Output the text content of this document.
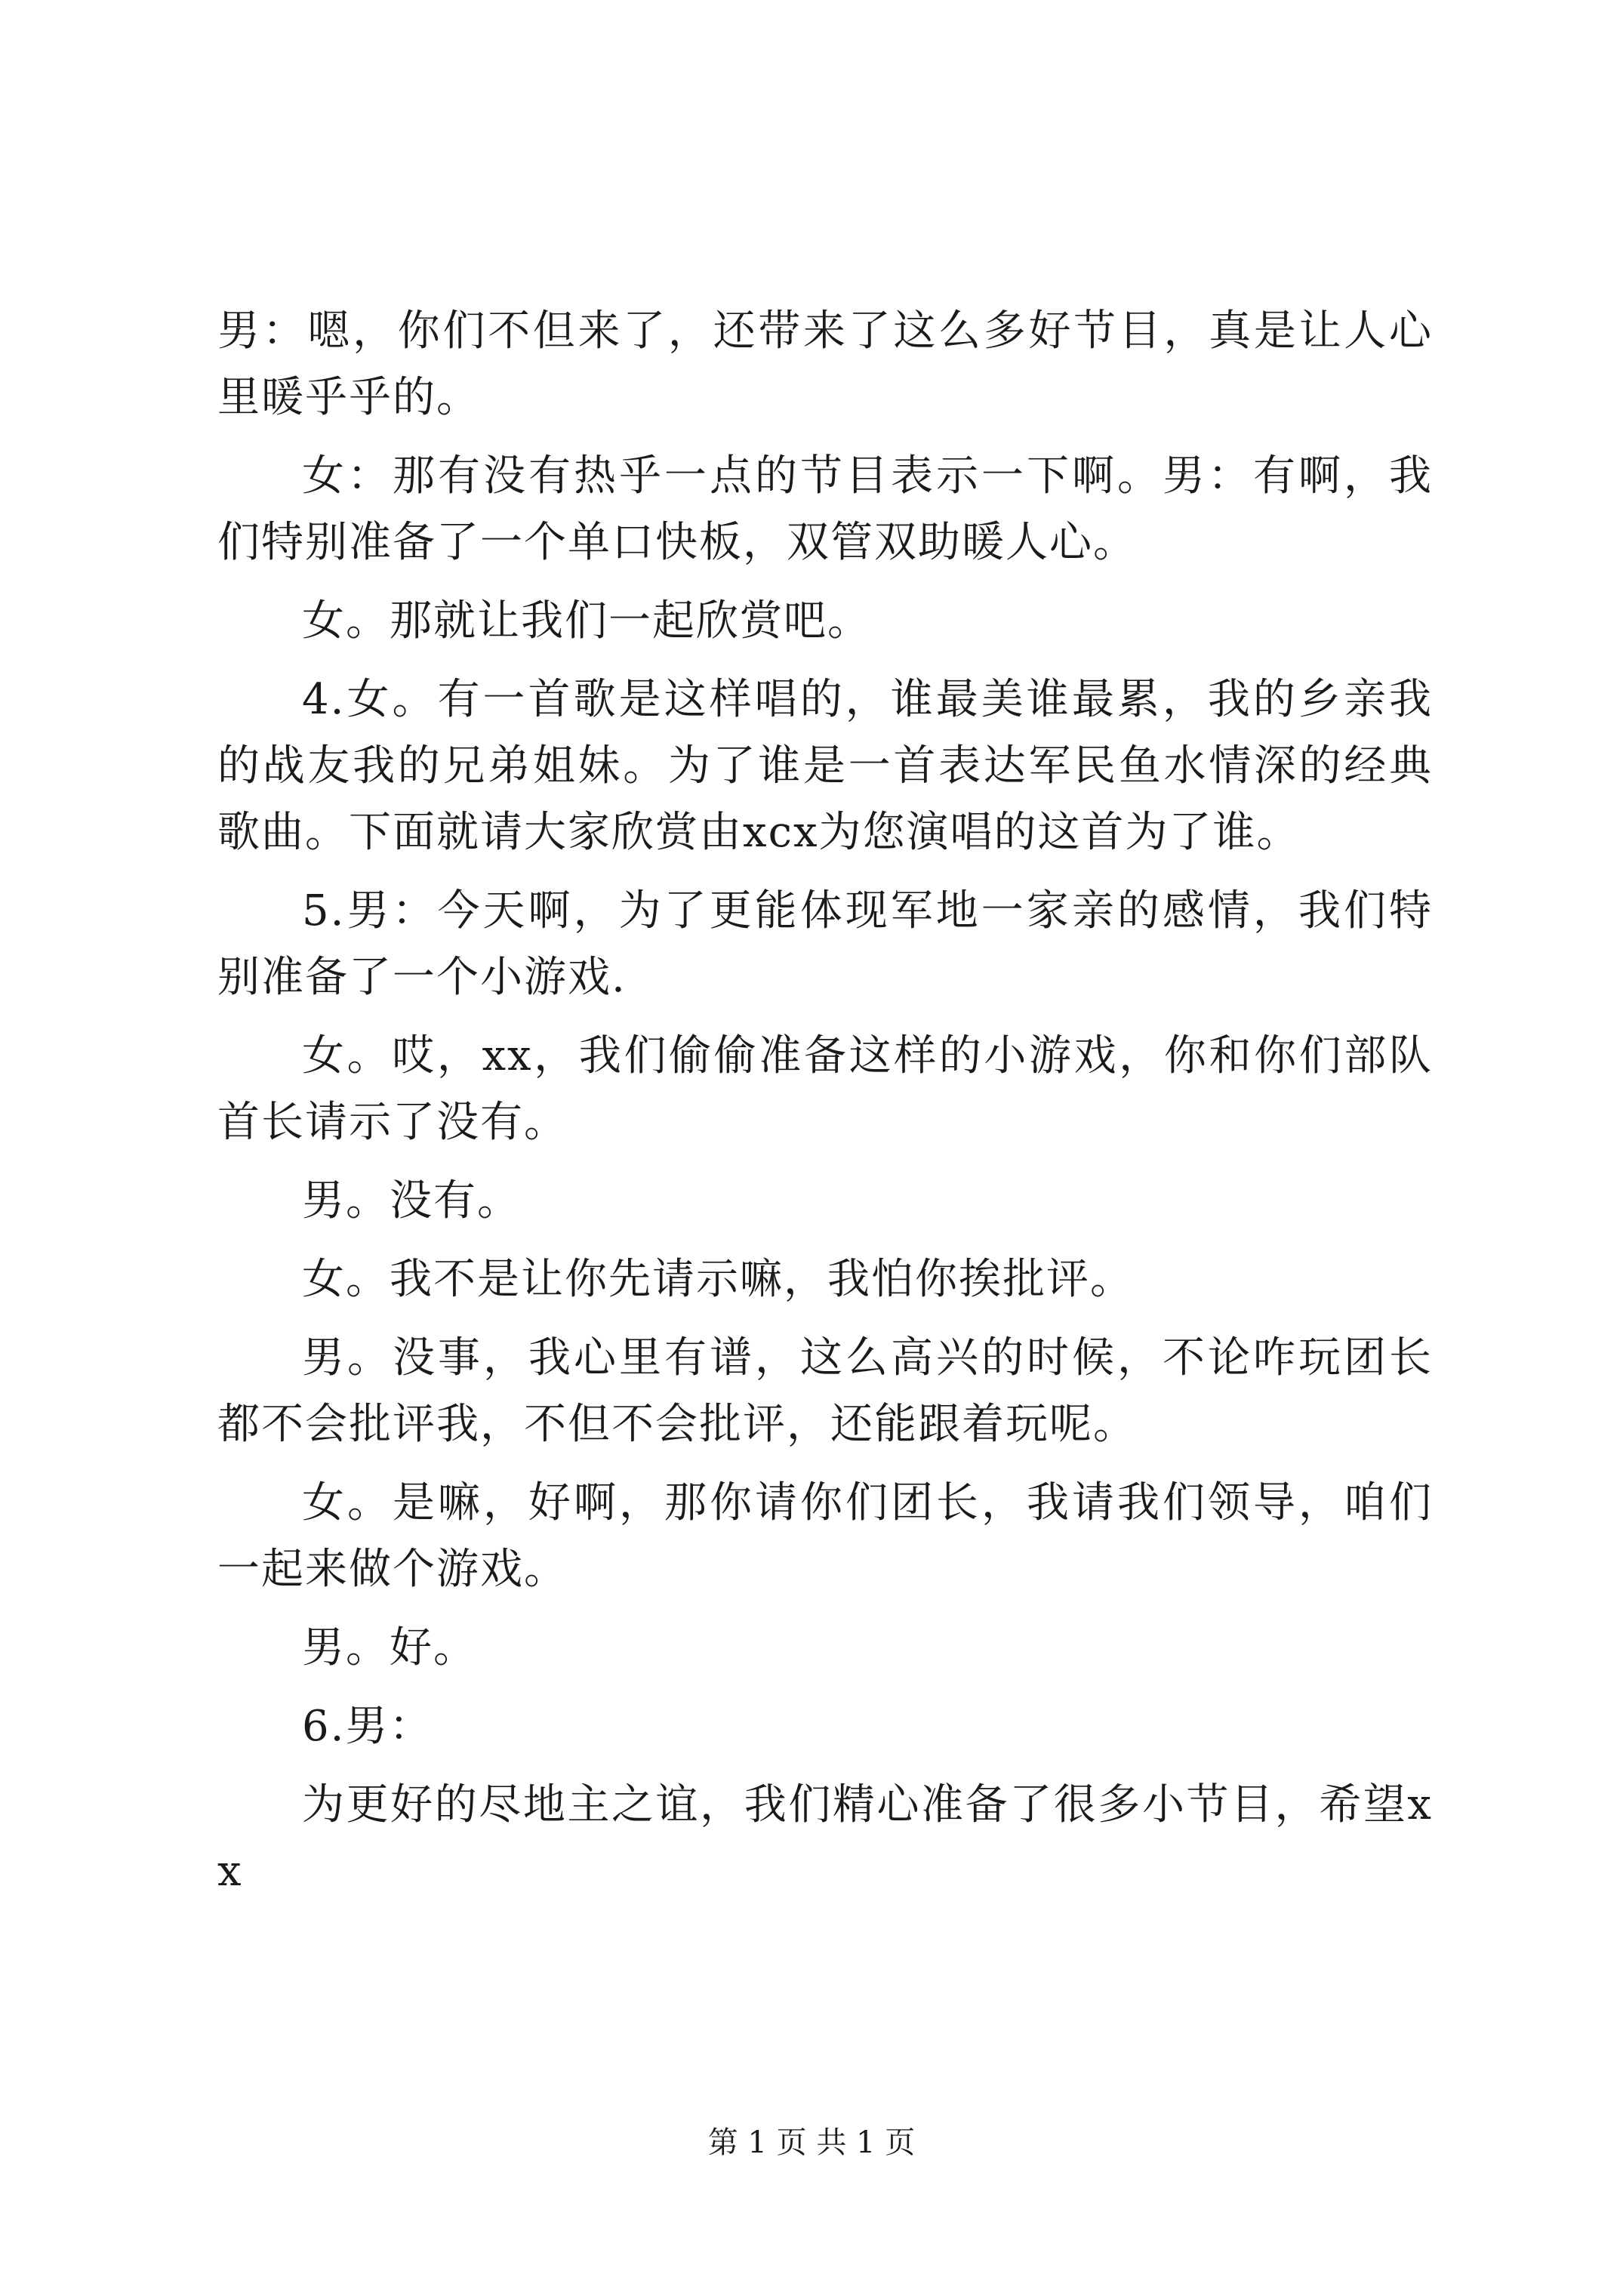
男：嗯，你们不但来了，还带来了这么多好节目，真是让人心里暖乎乎的。

女：那有没有热乎一点的节目表示一下啊。男：有啊，我们特别准备了一个单口快板，双管双助暖人心。

女。那就让我们一起欣赏吧。

4.女。有一首歌是这样唱的，谁最美谁最累，我的乡亲我的战友我的兄弟姐妹。为了谁是一首表达军民鱼水情深的经典歌曲。下面就请大家欣赏由xcx为您演唱的这首为了谁。

5.男：今天啊，为了更能体现军地一家亲的感情，我们特别准备了一个小游戏.

女。哎，xx，我们偷偷准备这样的小游戏，你和你们部队首长请示了没有。

男。没有。

女。我不是让你先请示嘛，我怕你挨批评。

男。没事，我心里有谱，这么高兴的时候，不论咋玩团长都不会批评我，不但不会批评，还能跟着玩呢。

女。是嘛，好啊，那你请你们团长，我请我们领导，咱们一起来做个游戏。

男。好。

6.男：

为更好的尽地主之谊，我们精心准备了很多小节目，希望xx

第 1 页 共 1 页
